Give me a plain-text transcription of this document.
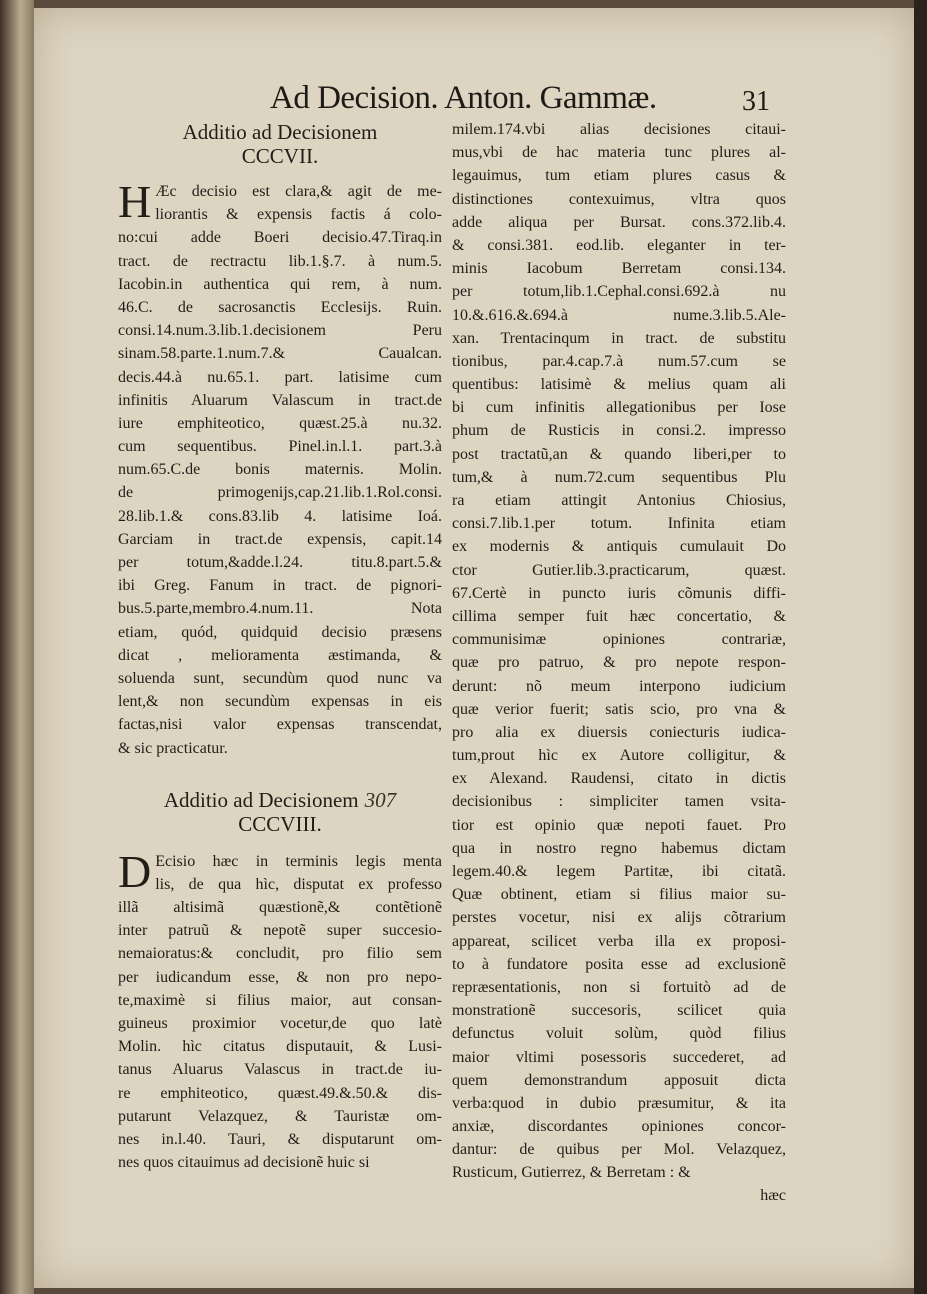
Ad Decision. Anton. Gammæ.	31

Additio ad Decisionem

CCCVII.

H Æc decisio est clara,& agit de me-
liorantis & expensis factis á colo-
no:cui adde Boeri decisio.47.Tiraq.in
tract. de rectractu lib.1.§.7. à num.5.
Iacobin.in authentica qui rem, à num.
46.C. de sacrosanctis Ecclesijs. Ruin.
consi.14.num.3.lib.1.decisionem Peru
sinam.58.parte.1.num.7.& Caualcan.
decis.44.à nu.65.1. part. latisime cum
infinitis Aluarum Valascum in tract.de
iure emphiteotico, quæst.25.à nu.32.
cum sequentibus. Pinel.in.l.1. part.3.à
num.65.C.de bonis maternis. Molin.
de primogenijs,cap.21.lib.1.Rol.consi.
28.lib.1.& cons.83.lib 4. latisime Ioá.
Garciam in tract.de expensis, capit.14
per totum,&adde.l.24. titu.8.part.5.&
ibi Greg. Fanum in tract. de pignori-
bus.5.parte,membro.4.num.11. Nota
etiam, quód, quidquid decisio præsens
dicat , melioramenta æstimanda, &
soluenda sunt, secundùm quod nunc va
lent,& non secundùm expensas in eis
factas,nisi valor expensas transcendat,
& sic practicatur.

Additio ad Decisionem 307

CCCVIII.

D Ecisio hæc in terminis legis menta
lis, de qua hìc, disputat ex professo
illã altisimã quæstionẽ,& contẽtionẽ
inter patruũ & nepotẽ super succesio-
nemaioratus:& concludit, pro filio sem
per iudicandum esse, & non pro nepo-
te,maximè si filius maior, aut consan-
guineus proximior vocetur,de quo latè
Molin. hìc citatus disputauit, & Lusi-
tanus Aluarus Valascus in tract.de iu-
re emphiteotico, quæst.49.&.50.& dis-
putarunt Velazquez, & Tauristæ om-
nes in.l.40. Tauri, & disputarunt om-
nes quos citauimus ad decisionẽ huic si
milem.174.vbi alias decisiones citaui-
mus,vbi de hac materia tunc plures al-
legauimus, tum etiam plures casus &
distinctiones contexuimus, vltra quos
adde aliqua per Bursat. cons.372.lib.4.
& consi.381. eod.lib. eleganter in ter-
minis Iacobum Berretam consi.134.
per totum,lib.1.Cephal.consi.692.à nu
10.&.616.&.694.à nume.3.lib.5.Ale-
xan. Trentacinqum in tract. de substitu
tionibus, par.4.cap.7.à num.57.cum se
quentibus: latisimè & melius quam ali
bi cum infinitis allegationibus per Iose
phum de Rusticis in consi.2. impresso
post tractatũ,an & quando liberi,per to
tum,& à num.72.cum sequentibus Plu
ra etiam attingit Antonius Chiosius,
consi.7.lib.1.per totum. Infinita etiam
ex modernis & antiquis cumulauit Do
ctor Gutier.lib.3.practicarum, quæst.
67.Certè in puncto iuris cõmunis diffi-
cillima semper fuit hæc concertatio, &
communisimæ opiniones contrariæ,
quæ pro patruo, & pro nepote respon-
derunt: nõ meum interpono iudicium
quæ verior fuerit; satis scio, pro vna &
pro alia ex diuersis coniecturis iudica-
tum,prout hìc ex Autore colligitur, &
ex Alexand. Raudensi, citato in dictis
decisionibus : simpliciter tamen vsita-
tior est opinio quæ nepoti fauet. Pro
qua in nostro regno habemus dictam
legem.40.& legem Partitæ, ibi citatã.
Quæ obtinent, etiam si filius maior su-
perstes vocetur, nisi ex alijs cõtrarium
appareat, scilicet verba illa ex proposi-
to à fundatore posita esse ad exclusionẽ
repræsentationis, non si fortuitò ad de
monstrationẽ succesoris, scilicet quia
defunctus voluit solùm, quòd filius
maior vltimi posessoris succederet, ad
quem demonstrandum apposuit dicta
verba:quod in dubio præsumitur, & ita
anxiæ, discordantes opiniones concor-
dantur: de quibus per Mol. Velazquez,
Rusticum, Gutierrez, & Berretam : &
hæc
